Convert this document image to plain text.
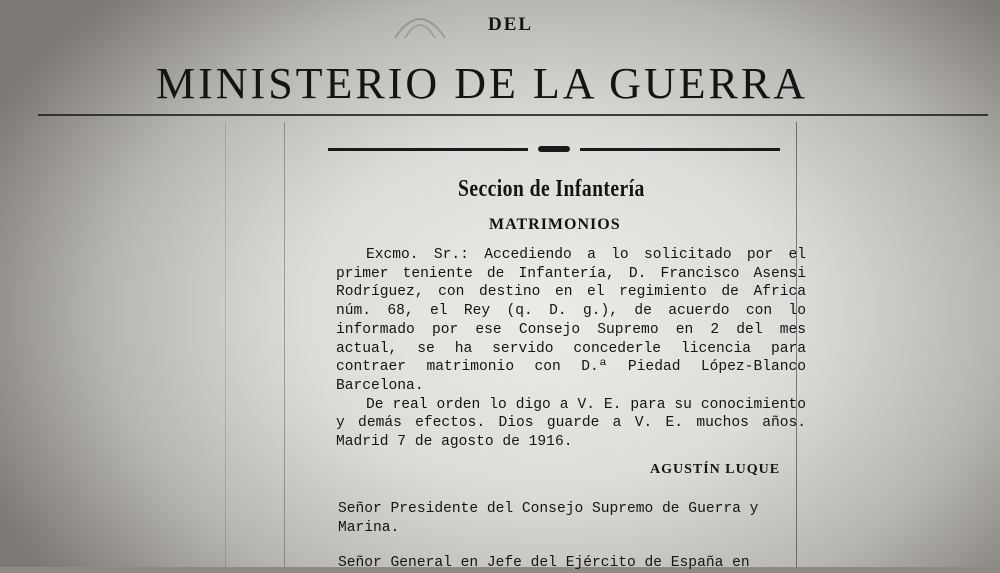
DEL
MINISTERIO DE LA GUERRA
Seccion de Infantería
MATRIMONIOS

Excmo. Sr.: Accediendo a lo solicitado por el primer teniente de Infantería, D. Francisco Asensi Rodríguez, con destino en el regimiento de Africa núm. 68, el Rey (q. D. g.), de acuerdo con lo informado por ese Consejo Supremo en 2 del mes actual, se ha servido concederle licencia para contraer matrimonio con D.ª Piedad López-Blanco Barcelona.

De real orden lo digo a V. E. para su conocimiento y demás efectos. Dios guarde a V. E. muchos años. Madrid 7 de agosto de 1916.

AGUSTÍN LUQUE

Señor Presidente del Consejo Supremo de Guerra y Marina.

Señor General en Jefe del Ejército de España en
